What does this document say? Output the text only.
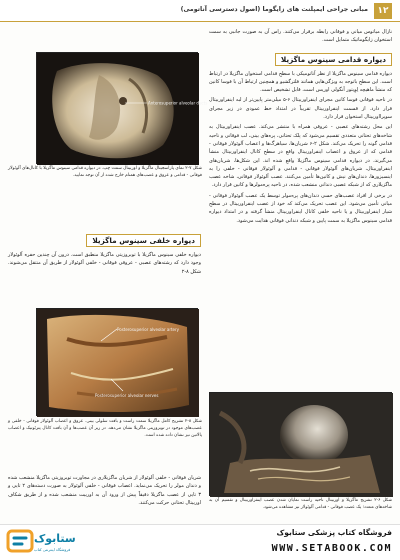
۱۲
مبانی جراحی ایمپلنت های زایگوما (اصول دسترسی آناتومی)

نازال میاتوس میانی و فوقانی رابطه برقرار می‌کنند. راس آن به صورت جانبی به سمت استخوان زایگوماتیک متمایل است.

دیواره قدامی سینوس ماگزیلا

دیواره قدامی سینوس ماگزیلا از نظر آناتومیکی با سطح قدامی استخوان ماگزیلا در ارتباط است. این سطح باتوجه به ویژگی‌هایی همانند فلترگشیو و همچنین ارتباط آن با فوسا کانین که منشأ ماهیچه لِوِیتور آنگولی اوریس است، قابل تشخیص است.

در ناحیه فوقانی فوسا کانین مجرای اینفراوربیتال ۶-۵ میلی‌متر پایین‌تر از لبه اینفراوربیتال قرار دارد. از قسمت اینفراوربیتال تقریباً در امتداد خط عمودی در زیر مجرای سوپرااوربیتال استخوان قرار دارد.

این محل رشته‌های عصبی - عروقی همراه با منتشر می‌کند. عصب اینفراوربیتال به شاخه‌های تحتانی متعددی تقسیم می‌شود که پلک تحتانی، پره‌های بینی، لب فوقانی و ناحیه قدامی گونه را تحریک می‌کند. شکل ۲-۶ شریان‌ها، سیاهرگ‌ها و اعصاب آلوئولار فوقانی - قدامی که از عروق و اعصاب اینفراوربیتال واقع در سطح کانال اینفراوربیتال منشأ می‌گیرند، در دیواره قدامی سینوس ماگزیلا واقع شده اند. این شکل‌ها، شریان‌های اینفراوربیتال، شریان‌های آلوئولار فوقانی - قدامی و آلوئولار فوقانی - خلفی را به اینسیزورها، دندان‌های نیش و کانین‌ها تأمین می‌کنند. عصب آلوئولار فوقانی، شاخه عصب ماگزیلاری که از شبکه عصبی دندانی منشعب شده، در ناحیه پره‌مولرها و کانین قرار دارد.

در برخی از افراد عصب‌های حسی دندان‌های پره‌مولر توسط یک عصب آلوئولار فوقانی - میانی تأمین می‌شود. این عصب تحریک می‌کند که خود از عصب اینفراوربیتال در سطح شیار اینفراوربیتال و یا ناحیه خلفی کانال اینفراوربیتال منشأ گرفته و در امتداد دیواره قدامی سینوس ماگزیلا به سمت پایین و شبکه دندانی فوقانی هدایت می‌شود.

Anterosuperior alveolar ducts
شکل ۷-۲ نمای پاراسجیتال ماگزیلا و اوربیتال سمت چپ. در دیواره قدامی سینوس ماگزیلا با کانال‌های آلوئولار فوقانی - قدامی و عروق و عصب‌های همنام خارج شده از آن توجه نمایید.
دیواره خلفی سینوس ماگزیلا

دیواره خلفی سینوس ماگزیلا با توبروزیتی ماگزیلا منطبق است. درون آن چندین حفره آلوئولار وجود دارد که رشته‌های عصبی - عروقی فوقانی - خلفی آلوئولار از طریق آن منتقل می‌شوند. شکل ۸-۲

Posterosuperior alveolar artery
Posterosuperior alveolar nerves
شکل ۸-۲ تشریح کامل ماگزیلا سمت راست و بافت سلولی بینی. عروق و اعصاب آلوئولار فوقانی - خلفی و عصب‌های موجود در توبروزیتی ماگزیلا نشان می‌دهد. در زیر آن عصب‌ها و آن بافت کانال پترئوتیک و اعصاب پالاتین نیز نشان داده شده است.

شریان فوقانی - خلفی آلوئولار از شریان ماگزیلاری در مجاورت توبروزیتی ماگزیلا منشعب شده و دندان مولر را تحریک می‌نماید. اعصاب فوقانی - خلفی آلوئولار به صورت دسته‌های ۲ تایی و ۳ تایی از عصب ماگزیلا دقیقاً پیش از ورود آن به اوربیت منشعب شده و از طریق شکاف اوربیتال تحتانی حرکت می‌کنند. شکل ۶-۲ تشریح ماگزیلا و اوربیتال ناحیه راست نمایان شدن عصب اینفراوربیتال و تقسیم آن به شاخه‌های متعدد؛ یک عصب فوقانی - قدامی آلوئولار نیز مشاهده می‌شود.
ستابوک
فروشگاه اینترنتی کتاب
فروشگاه کتاب پزشکی ستابوک
WWW.SETABOOK.COM
